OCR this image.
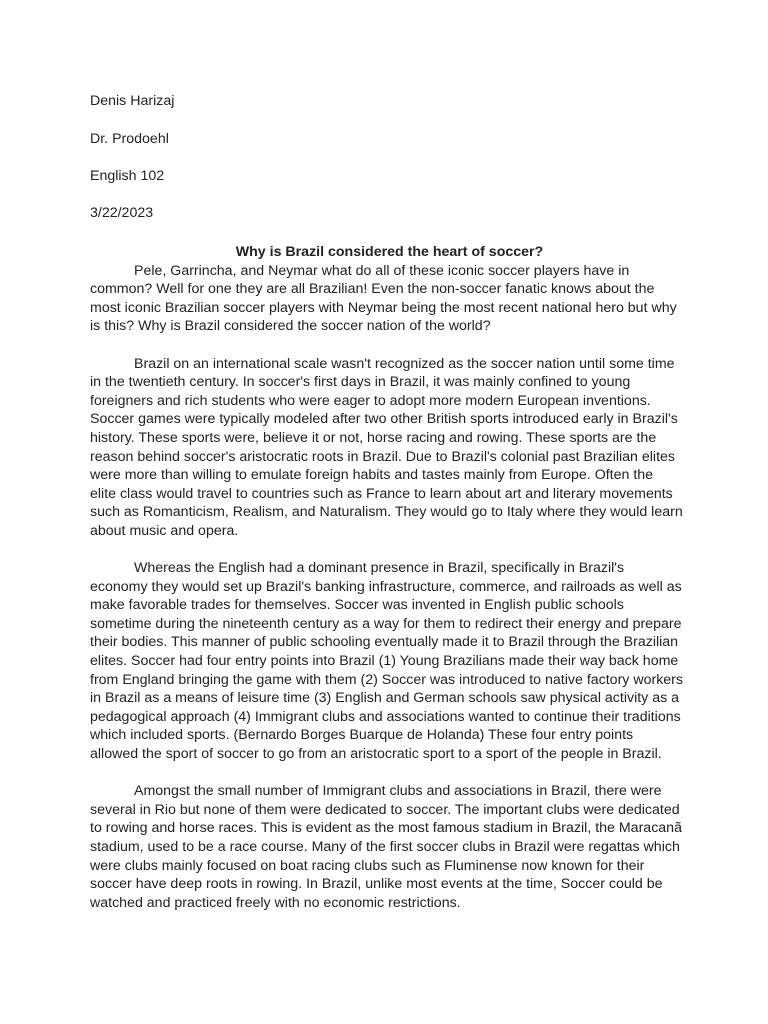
Denis Harizaj
Dr. Prodoehl
English 102
3/22/2023

Why is Brazil considered the heart of soccer?

Pele, Garrincha, and Neymar what do all of these iconic soccer players have in common? Well for one they are all Brazilian! Even the non-soccer fanatic knows about the most iconic Brazilian soccer players with Neymar being the most recent national hero but why is this? Why is Brazil considered the soccer nation of the world?

Brazil on an international scale wasn't recognized as the soccer nation until some time in the twentieth century. In soccer's first days in Brazil, it was mainly confined to young foreigners and rich students who were eager to adopt more modern European inventions. Soccer games were typically modeled after two other British sports introduced early in Brazil's history. These sports were, believe it or not, horse racing and rowing. These sports are the reason behind soccer's aristocratic roots in Brazil. Due to Brazil's colonial past Brazilian elites were more than willing to emulate foreign habits and tastes mainly from Europe. Often the elite class would travel to countries such as France to learn about art and literary movements such as Romanticism, Realism, and Naturalism. They would go to Italy where they would learn about music and opera.

Whereas the English had a dominant presence in Brazil, specifically in Brazil's economy they would set up Brazil's banking infrastructure, commerce, and railroads as well as make favorable trades for themselves. Soccer was invented in English public schools sometime during the nineteenth century as a way for them to redirect their energy and prepare their bodies. This manner of public schooling eventually made it to Brazil through the Brazilian elites. Soccer had four entry points into Brazil (1) Young Brazilians made their way back home from England bringing the game with them (2) Soccer was introduced to native factory workers in Brazil as a means of leisure time (3) English and German schools saw physical activity as a pedagogical approach (4) Immigrant clubs and associations wanted to continue their traditions which included sports. (Bernardo Borges Buarque de Holanda) These four entry points allowed the sport of soccer to go from an aristocratic sport to a sport of the people in Brazil.

Amongst the small number of Immigrant clubs and associations in Brazil, there were several in Rio but none of them were dedicated to soccer. The important clubs were dedicated to rowing and horse races. This is evident as the most famous stadium in Brazil, the Maracanã stadium, used to be a race course. Many of the first soccer clubs in Brazil were regattas which were clubs mainly focused on boat racing clubs such as Fluminense now known for their soccer have deep roots in rowing. In Brazil, unlike most events at the time, Soccer could be watched and practiced freely with no economic restrictions.
